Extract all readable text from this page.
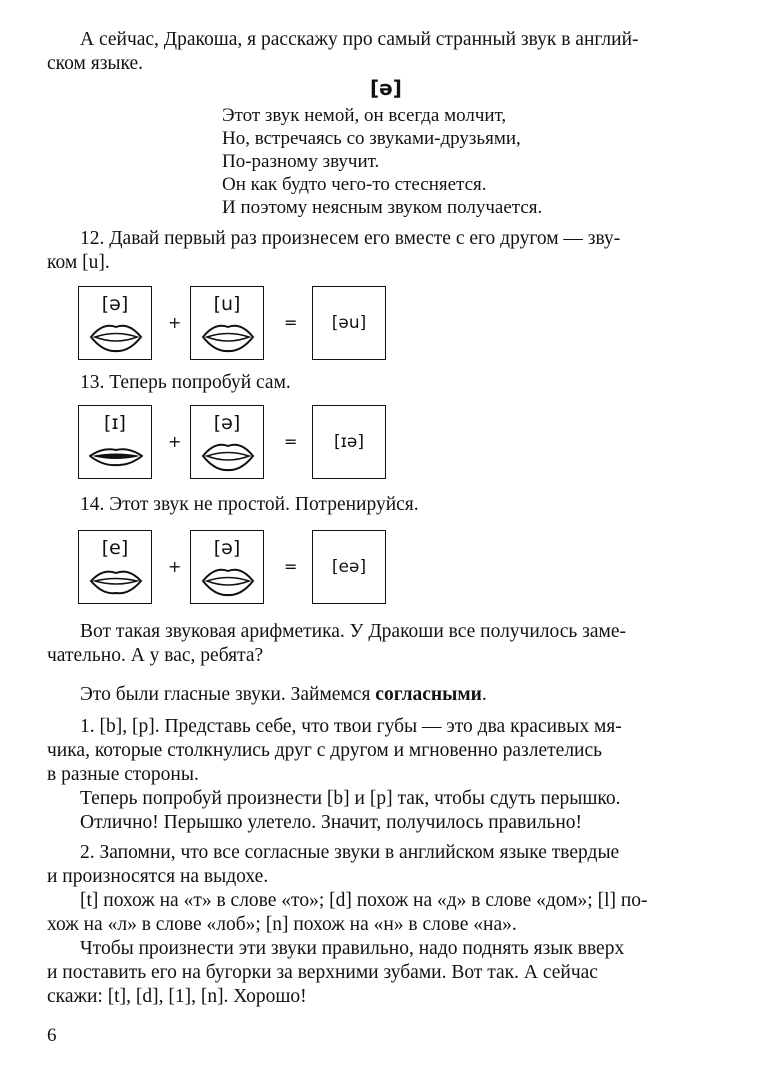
А сейчас, Дракоша, я расскажу про самый странный звук в англий-
ском языке.
[ə]
Этот звук немой, он всегда молчит,
Но, встречаясь со звуками-друзьями,
По-разному звучит.
Он как будто чего-то стесняется.
И поэтому неясным звуком получается.
12. Давай первый раз произнесем его вместе с его другом — зву-
ком [u].
[ə]
+
[u]
=	[əu]
13. Теперь попробуй сам.
[ɪ]
+
[ə]
=	[ɪə]
14. Этот звук не простой. Потренируйся.
[e]
+
[ə]
=	[eə]
Вот такая звуковая арифметика. У Дракоши все получилось заме-
чательно. А у вас, ребята?
Это были гласные звуки. Займемся согласными.
1. [b], [p]. Представь себе, что твои губы — это два красивых мя-
чика, которые столкнулись друг с другом и мгновенно разлетелись
в разные стороны.
Теперь попробуй произнести [b] и [p] так, чтобы сдуть перышко.
Отлично! Перышко улетело. Значит, получилось правильно!
2. Запомни, что все согласные звуки в английском языке твердые
и произносятся на выдохе.
[t] похож на «т» в слове «то»; [d] похож на «д» в слове «дом»; [l] по-
хож на «л» в слове «лоб»; [n] похож на «н» в слове «на».
Чтобы произнести эти звуки правильно, надо поднять язык вверх
и поставить его на бугорки за верхними зубами. Вот так. А сейчас
скажи: [t], [d], [1], [n]. Хорошо!
6
